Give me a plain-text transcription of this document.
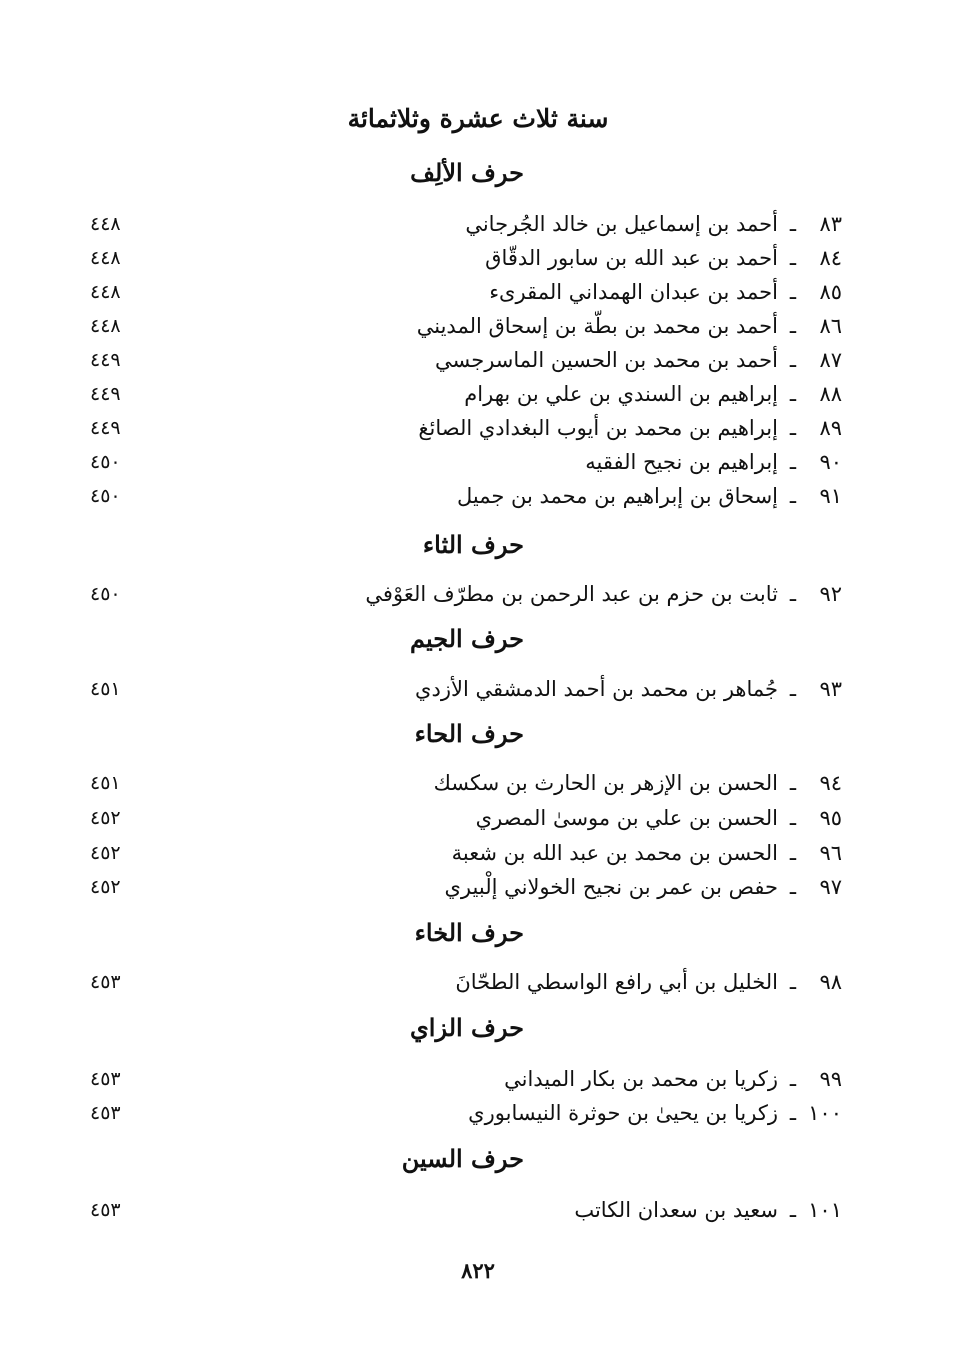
سنة ثلاث عشرة وثلاثمائة
حرف الألِف
٨٣
ـ
أحمد بن إسماعيل بن خالد الجُرجاني
٤٤٨
٨٤
ـ
أحمد بن عبد الله بن سابور الدقّاق
٤٤٨
٨٥
ـ
أحمد بن عبدان الهمداني المقرىء
٤٤٨
٨٦
ـ
أحمد بن محمد بن بطّة بن إسحاق المديني
٤٤٨
٨٧
ـ
أحمد بن محمد بن الحسين الماسرجسي
٤٤٩
٨٨
ـ
إبراهيم بن السندي بن علي بن بهرام
٤٤٩
٨٩
ـ
إبراهيم بن محمد بن أيوب البغدادي الصائغ
٤٤٩
٩٠
ـ
إبراهيم بن نجيح الفقيه
٤٥٠
٩١
ـ
إسحاق بن إبراهيم بن محمد بن جميل
٤٥٠
حرف الثاء
٩٢
ـ
ثابت بن حزم بن عبد الرحمن بن مطرّف العَوْفي
٤٥٠
حرف الجيم
٩٣
ـ
جُماهر بن محمد بن أحمد الدمشقي الأزدي
٤٥١
حرف الحاء
٩٤
ـ
الحسن بن الإزهر بن الحارث بن سكسك
٤٥١
٩٥
ـ
الحسن بن علي بن موسىٰ المصري
٤٥٢
٩٦
ـ
الحسن بن محمد بن عبد الله بن شعبة
٤٥٢
٩٧
ـ
حفص بن عمر بن نجيح الخولاني إلْبيري
٤٥٢
حرف الخاء
٩٨
ـ
الخليل بن أبي رافع الواسطي الطحّانَ
٤٥٣
حرف الزاي
٩٩
ـ
زكريا بن محمد بن بكار الميداني
٤٥٣
١٠٠
ـ
زكريا بن يحيىٰ بن حوثرة النيسابوري
٤٥٣
حرف السين
١٠١
ـ
سعيد بن سعدان الكاتب
٤٥٣
٨٢٢
